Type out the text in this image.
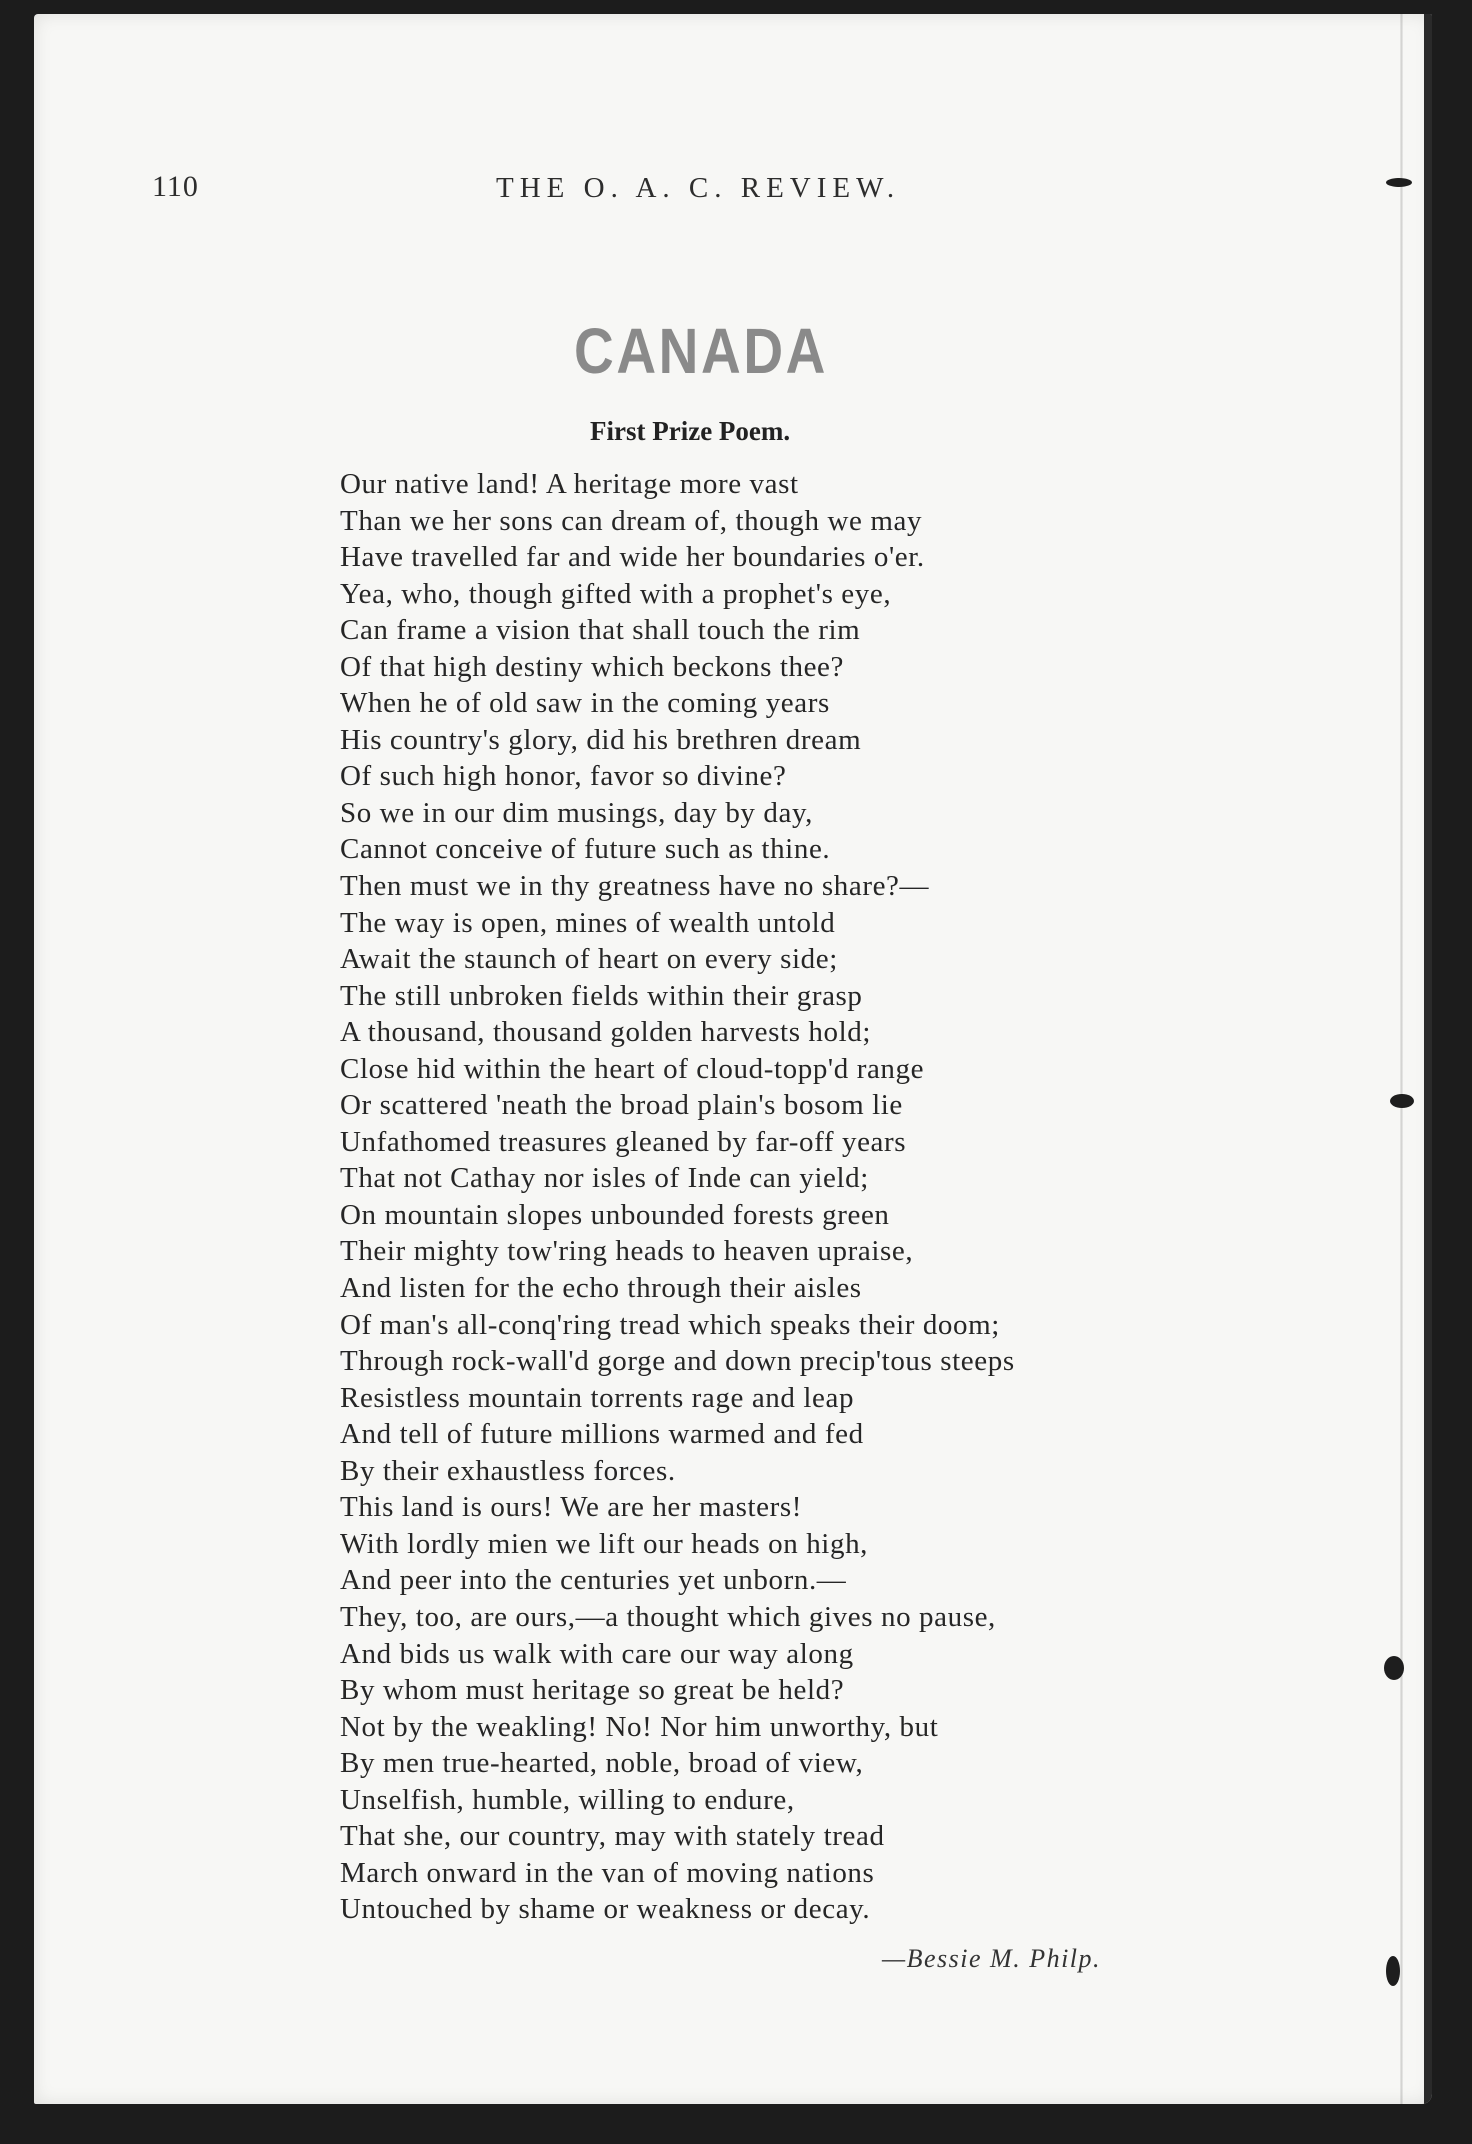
110	THE O. A. C. REVIEW.
CANADA
First Prize Poem.
Our native land! A heritage more vast
Than we her sons can dream of, though we may
Have travelled far and wide her boundaries o'er.
Yea, who, though gifted with a prophet's eye,
Can frame a vision that shall touch the rim
Of that high destiny which beckons thee?
When he of old saw in the coming years
His country's glory, did his brethren dream
Of such high honor, favor so divine?
So we in our dim musings, day by day,
Cannot conceive of future such as thine.
Then must we in thy greatness have no share?—
The way is open, mines of wealth untold
Await the staunch of heart on every side;
The still unbroken fields within their grasp
A thousand, thousand golden harvests hold;
Close hid within the heart of cloud-topp'd range
Or scattered 'neath the broad plain's bosom lie
Unfathomed treasures gleaned by far-off years
That not Cathay nor isles of Inde can yield;
On mountain slopes unbounded forests green
Their mighty tow'ring heads to heaven upraise,
And listen for the echo through their aisles
Of man's all-conq'ring tread which speaks their doom;
Through rock-wall'd gorge and down precip'tous steeps
Resistless mountain torrents rage and leap
And tell of future millions warmed and fed
By their exhaustless forces.
This land is ours! We are her masters!
With lordly mien we lift our heads on high,
And peer into the centuries yet unborn.—
They, too, are ours,—a thought which gives no pause,
And bids us walk with care our way along
By whom must heritage so great be held?
Not by the weakling! No! Nor him unworthy, but
By men true-hearted, noble, broad of view,
Unselfish, humble, willing to endure,
That she, our country, may with stately tread
March onward in the van of moving nations
Untouched by shame or weakness or decay.
—Bessie M. Philp.
